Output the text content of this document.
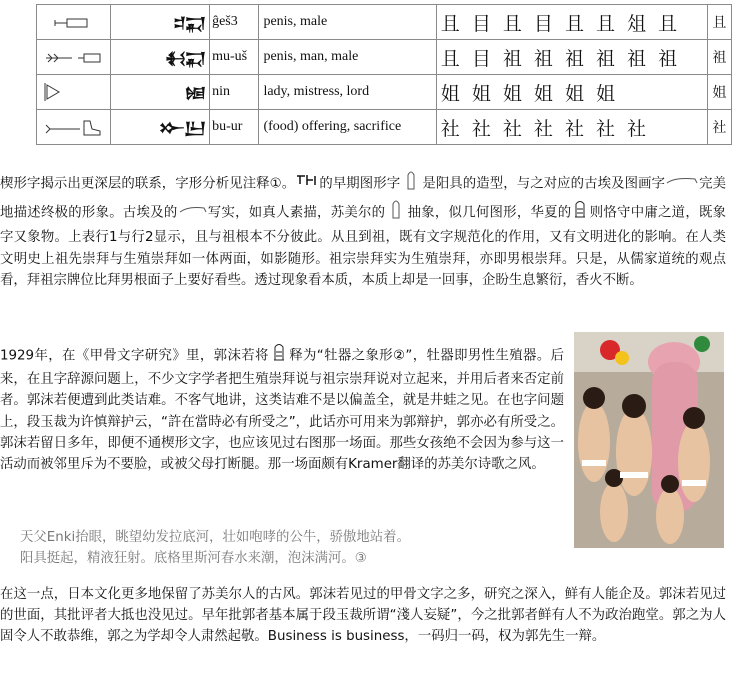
	𒄑𒍑	ĝeš3	penis, male	且 目 且 目 且 且 俎 且	且
	𒈬𒍑	mu-uš	penis, man, male	且 目 祖 祖 祖 祖 祖 祖	祖
	𒎏	nin	lady, mistress, lord	姐 姐 姐 姐 姐 姐	姐
	𒁍𒌨	bu-ur	(food) offering, sacrifice	社 社 社 社 社 社 社	社

楔形字揭示出更深层的联系，字形分析见注释①。 的早期图形字 是阳具的造型，与之对应的古埃及图画字	完美地描述终极的形象。古埃及的 写实，如真人素描，苏美尔的 抽象，似几何图形，华夏的 则恪守中庸之道，既象字又象物。上表行1与行2显示，且与祖根本不分彼此。从且到祖，既有文字规范化的作用，又有文明进化的影响。在人类文明史上祖先崇拜与生殖崇拜如一体两面，如影随形。祖宗崇拜实为生殖崇拜，亦即男根崇拜。只是，从儒家道统的观点看，拜祖宗牌位比拜男根面子上要好看些。透过现象看本质，本质上却是一回事，企盼生息繁衍，香火不断。

1929年，在《甲骨文字研究》里，郭沫若将 释为“牡器之象形②”，牡器即男性生殖器。后来，在且字辞源问题上，不少文字学者把生殖崇拜说与祖宗崇拜说对立起来，并用后者来否定前者。郭沫若便遭到此类诘难。不客气地讲，这类诘难不是以偏盖全，就是井蛙之见。在也字问题上，段玉裁为许慎辩护云，“許在當時必有所受之”，此话亦可用来为郭辩护，郭亦必有所受之。郭沫若留日多年，即便不通楔形文字，也应该见过右图那一场面。那些女孩绝不会因为参与这一活动而被邻里斥为不要脸，或被父母打断腿。那一场面颇有Kramer翻译的苏美尔诗歌之风。

天父Enki抬眼，眺望幼发拉底河，壮如咆哮的公牛，骄傲地站着。
阳具挺起，精液狂射。底格里斯河春水来潮，泡沫满河。③

在这一点，日本文化更多地保留了苏美尔人的古风。郭沫若见过的甲骨文字之多，研究之深入，鲜有人能企及。郭沫若见过的世面，其批评者大抵也没见过。早年批郭者基本属于段玉裁所谓“淺人妄疑”，今之批郭者鲜有人不为政治跑堂。郭之为人固令人不敢恭维，郭之为学却令人肃然起敬。Business is business，一码归一码，权为郭先生一辩。
